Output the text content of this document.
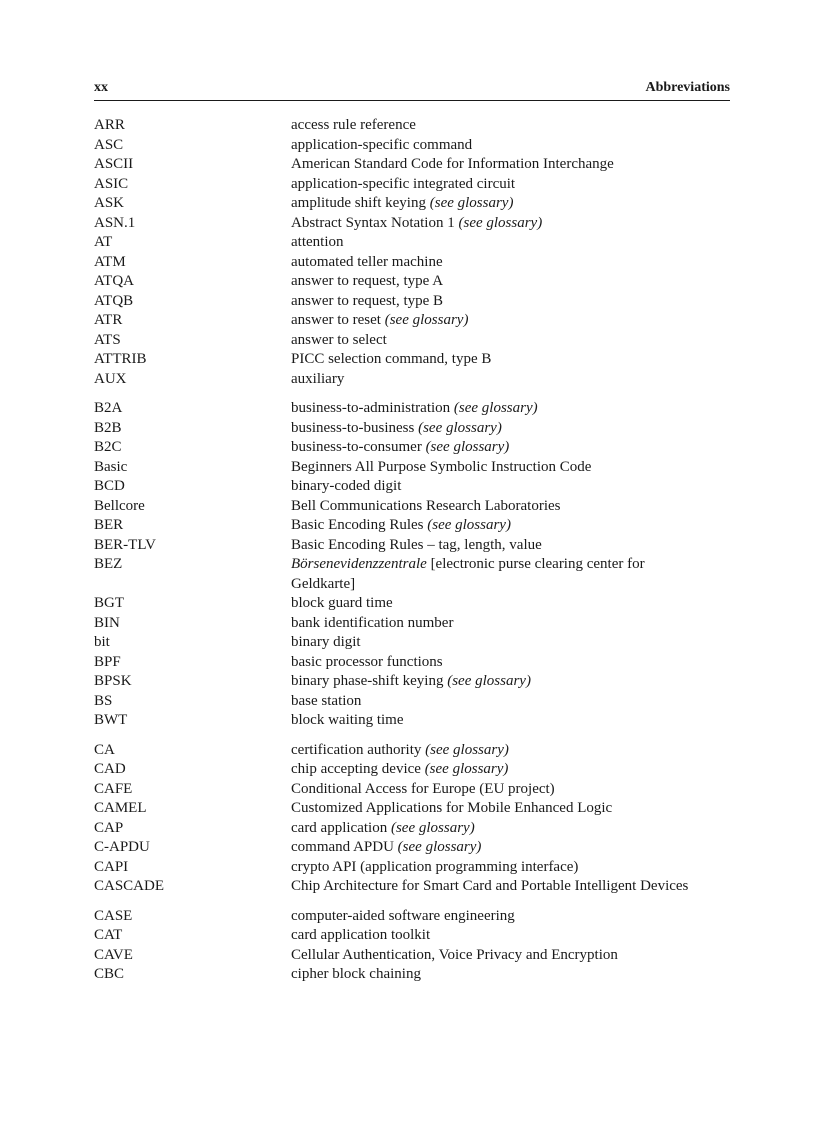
xx	Abbreviations
ARR	access rule reference
ASC	application-specific command
ASCII	American Standard Code for Information Interchange
ASIC	application-specific integrated circuit
ASK	amplitude shift keying (see glossary)
ASN.1	Abstract Syntax Notation 1 (see glossary)
AT	attention
ATM	automated teller machine
ATQA	answer to request, type A
ATQB	answer to request, type B
ATR	answer to reset (see glossary)
ATS	answer to select
ATTRIB	PICC selection command, type B
AUX	auxiliary
B2A	business-to-administration (see glossary)
B2B	business-to-business (see glossary)
B2C	business-to-consumer (see glossary)
Basic	Beginners All Purpose Symbolic Instruction Code
BCD	binary-coded digit
Bellcore	Bell Communications Research Laboratories
BER	Basic Encoding Rules (see glossary)
BER-TLV	Basic Encoding Rules – tag, length, value
BEZ	Börsenevidenzzentrale [electronic purse clearing center for Geldkarte]
BGT	block guard time
BIN	bank identification number
bit	binary digit
BPF	basic processor functions
BPSK	binary phase-shift keying (see glossary)
BS	base station
BWT	block waiting time
CA	certification authority (see glossary)
CAD	chip accepting device (see glossary)
CAFE	Conditional Access for Europe (EU project)
CAMEL	Customized Applications for Mobile Enhanced Logic
CAP	card application (see glossary)
C-APDU	command APDU (see glossary)
CAPI	crypto API (application programming interface)
CASCADE	Chip Architecture for Smart Card and Portable Intelligent Devices
CASE	computer-aided software engineering
CAT	card application toolkit
CAVE	Cellular Authentication, Voice Privacy and Encryption
CBC	cipher block chaining
